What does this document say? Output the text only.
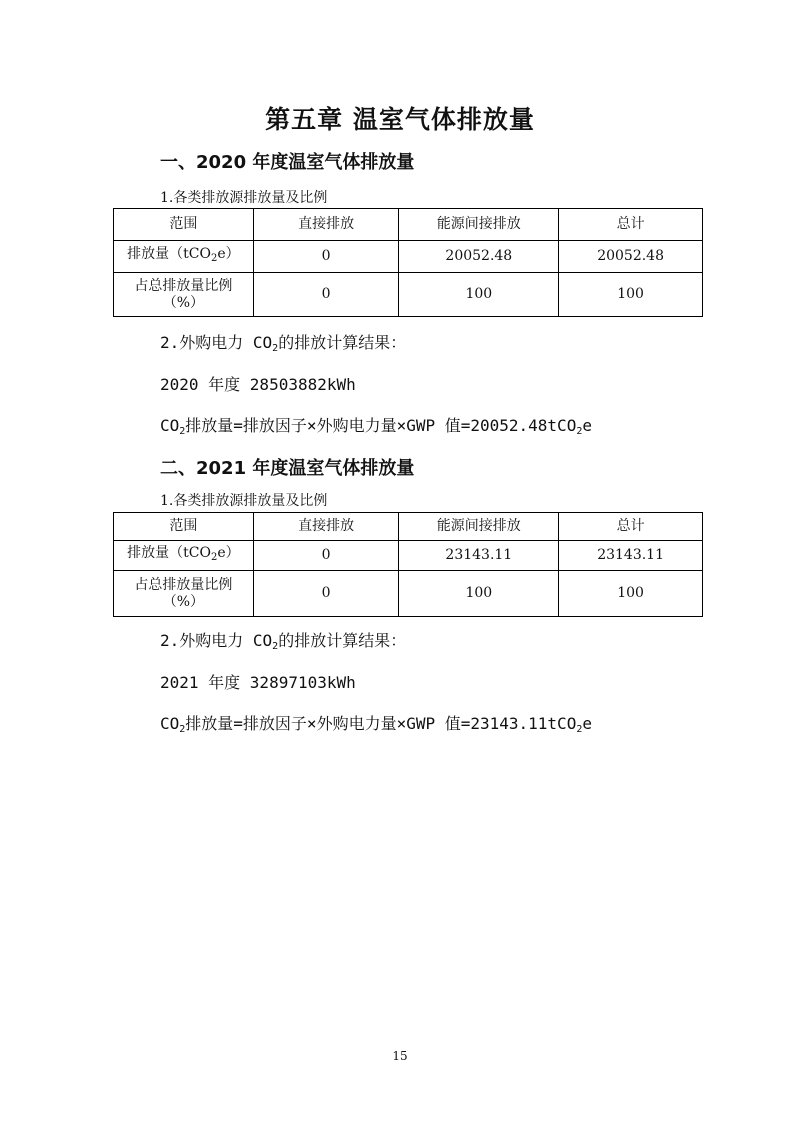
第五章 温室气体排放量
一、2020 年度温室气体排放量
1.各类排放源排放量及比例
范围	直接排放	能源间接排放	总计
排放量（tCO$_2$e）	0	20052.48	20052.48

占总排放量比例
（%）	0	100	100
2.外购电力 $CO_2$的排放计算结果：
2020 年度 28503882kWh
$CO_2$排放量=排放因子×外购电力量×GWP 值=20052.48tCO$_2$e
二、2021 年度温室气体排放量
1.各类排放源排放量及比例
范围	直接排放	能源间接排放	总计
排放量（tCO$_2$e）	0	23143.11	23143.11

占总排放量比例
（%）	0	100	100
2.外购电力 $CO_2$的排放计算结果：
2021 年度 32897103kWh
$CO_2$排放量=排放因子×外购电力量×GWP 值=23143.11tCO$_2$e
15
